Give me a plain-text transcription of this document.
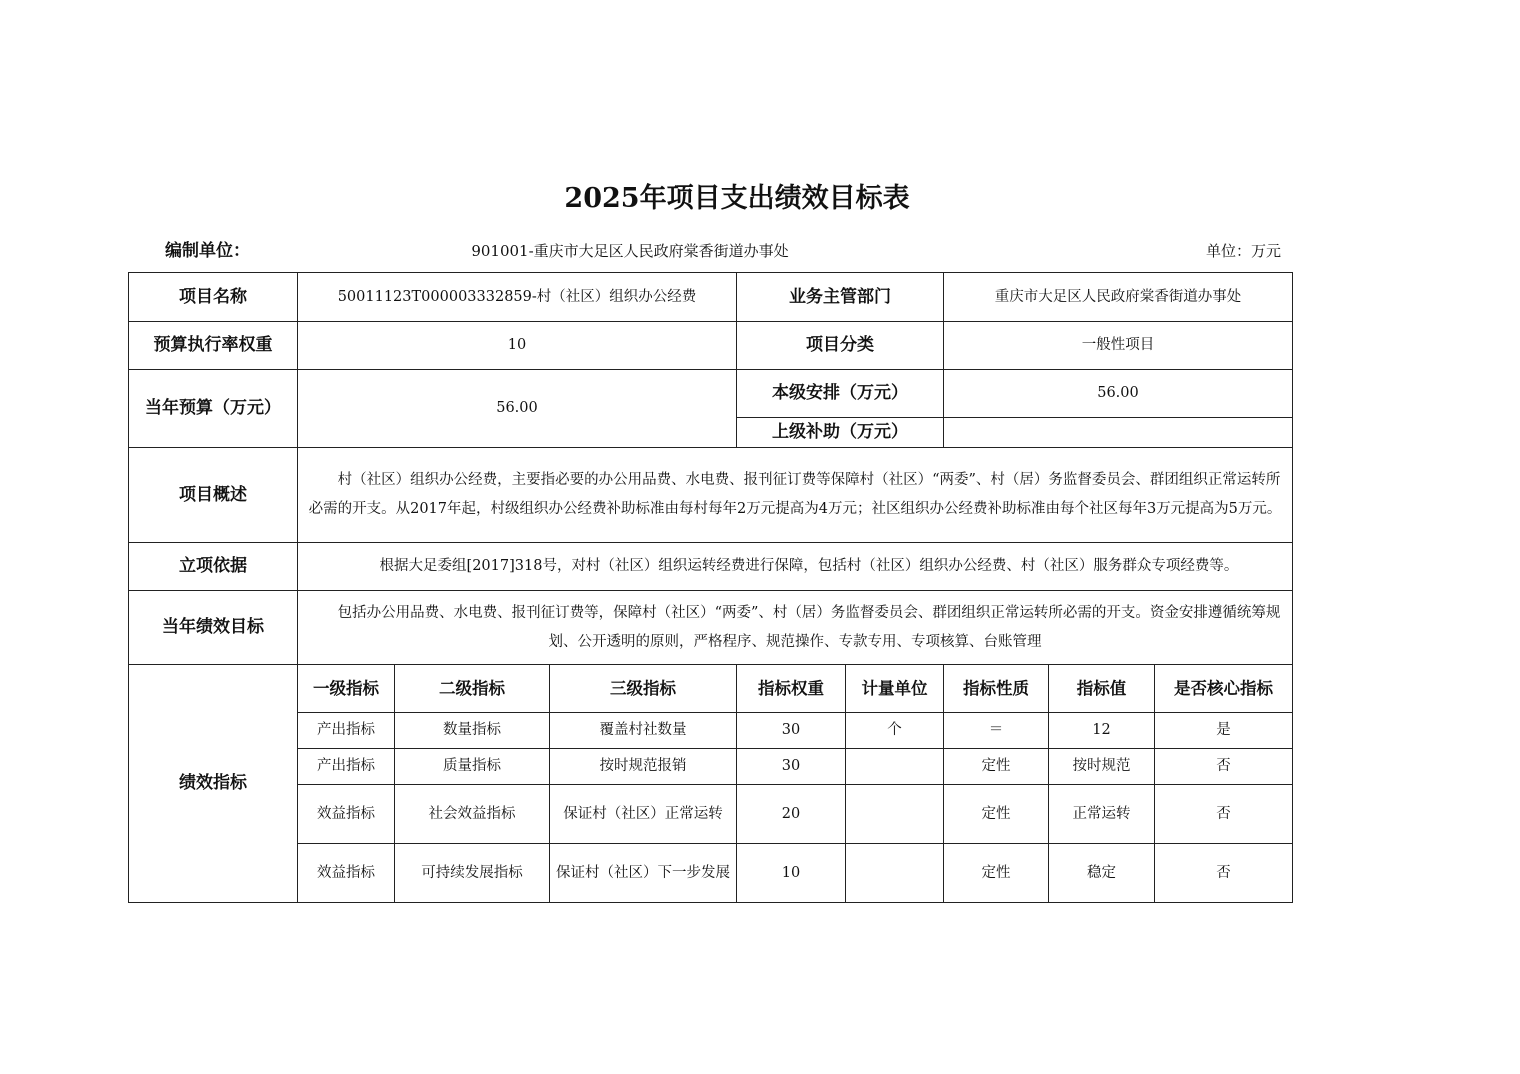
2025年项目支出绩效目标表
编制单位：	901001-重庆市大足区人民政府棠香街道办事处	单位：万元
项目名称	50011123T000003332859-村（社区）组织办公经费			业务主管部门		重庆市大足区人民政府棠香街道办事处		
预算执行率权重	10			项目分类		一般性项目		
当年预算（万元）	56.00			本级安排（万元）		56.00		
				上级补助（万元）				
项目概述	村（社区）组织办公经费，主要指必要的办公用品费、水电费、报刊征订费等保障村（社区）“两委”、村（居）务监督委员会、群团组织正常运转所必需的开支。从2017年起，村级组织办公经费补助标准由每村每年2万元提高为4万元；社区组织办公经费补助标准由每个社区每年3万元提高为5万元。							
立项依据	根据大足委组[2017]318号，对村（社区）组织运转经费进行保障，包括村（社区）组织办公经费、村（社区）服务群众专项经费等。							
当年绩效目标	包括办公用品费、水电费、报刊征订费等，保障村（社区）“两委”、村（居）务监督委员会、群团组织正常运转所必需的开支。资金安排遵循统筹规划、公开透明的原则，严格程序、规范操作、专款专用、专项核算、台账管理							
绩效指标	一级指标	二级指标	三级指标	指标权重	计量单位	指标性质	指标值	是否核心指标
	产出指标	数量指标	覆盖村社数量	30	个	＝	12	是
	产出指标	质量指标	按时规范报销	30		定性	按时规范	否
	效益指标	社会效益指标	保证村（社区）正常运转	20		定性	正常运转	否
	效益指标	可持续发展指标	保证村（社区）下一步发展	10		定性	稳定	否
